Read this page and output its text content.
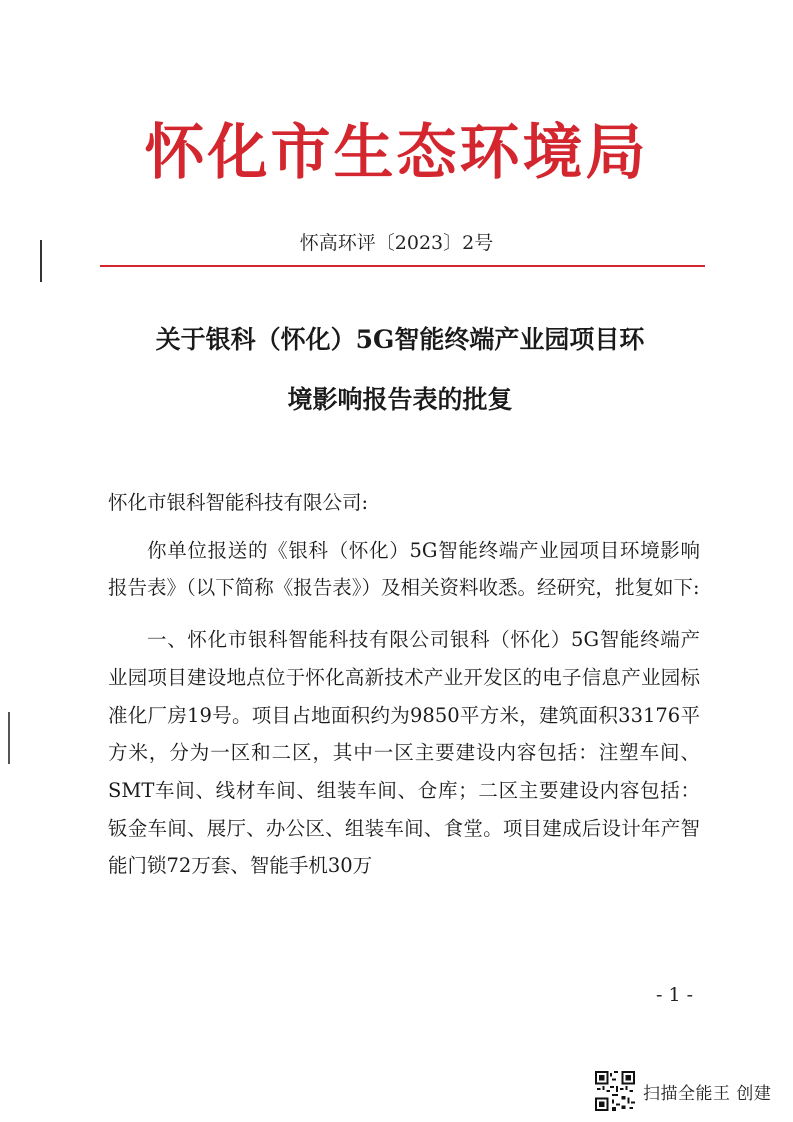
怀化市生态环境局
怀高环评〔2023〕2号
关于银科（怀化）5G智能终端产业园项目环
境影响报告表的批复

怀化市银科智能科技有限公司:

你单位报送的《银科（怀化）5G智能终端产业园项目环境影响报告表》（以下简称《报告表》）及相关资料收悉。经研究，批复如下:

一、怀化市银科智能科技有限公司银科（怀化）5G智能终端产业园项目建设地点位于怀化高新技术产业开发区的电子信息产业园标准化厂房19号。项目占地面积约为9850平方米，建筑面积33176平方米，分为一区和二区，其中一区主要建设内容包括：注塑车间、SMT车间、线材车间、组装车间、仓库；二区主要建设内容包括：钣金车间、展厅、办公区、组装车间、食堂。项目建成后设计年产智能门锁72万套、智能手机30万

- 1 -
扫描全能王 创建
